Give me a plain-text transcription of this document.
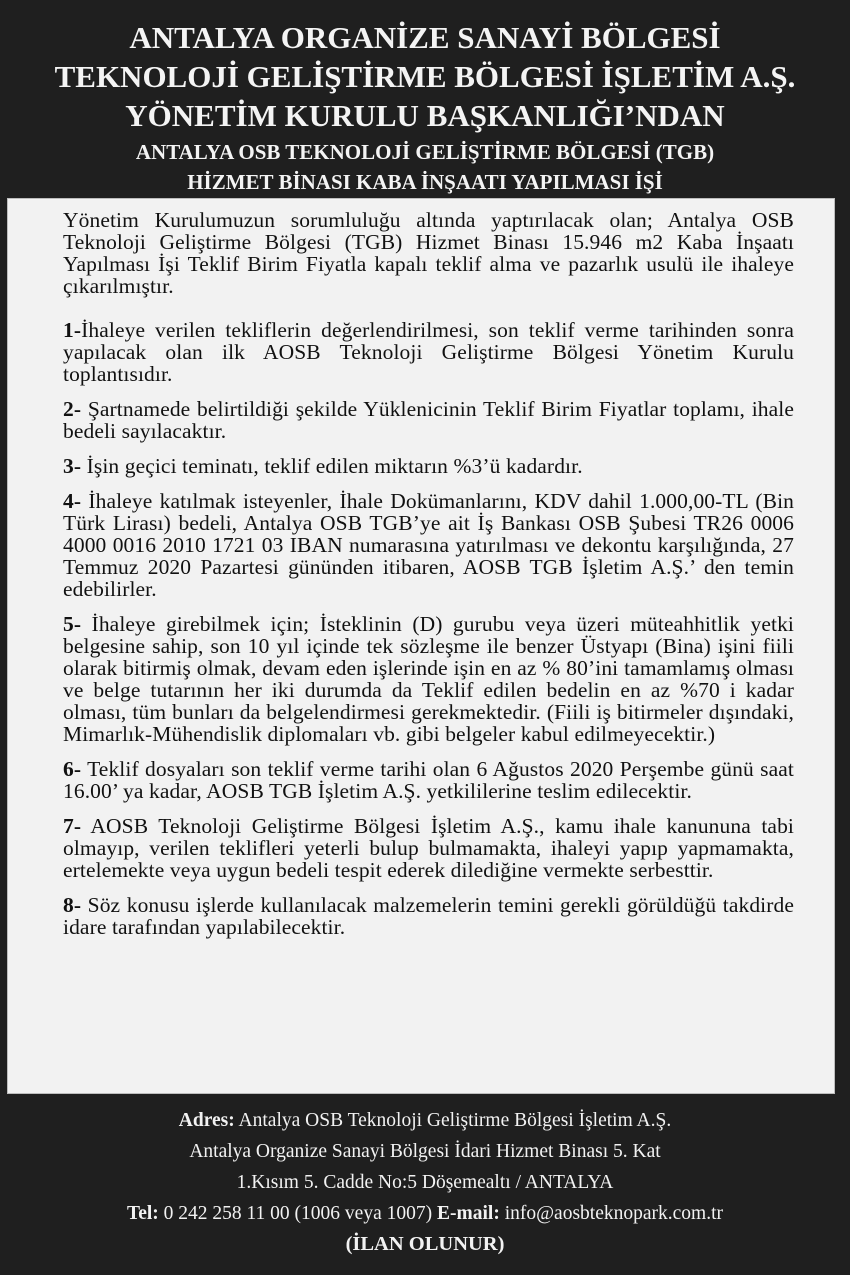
ANTALYA ORGANİZE SANAYİ BÖLGESİ
TEKNOLOJİ GELİŞTİRME BÖLGESİ İŞLETİM A.Ş.
YÖNETİM KURULU BAŞKANLIĞI’NDAN
ANTALYA OSB TEKNOLOJİ GELİŞTİRME BÖLGESİ (TGB)
HİZMET BİNASI KABA İNŞAATI YAPILMASI İŞİ

Yönetim Kurulumuzun sorumluluğu altında yaptırılacak olan; Antalya OSB Teknoloji Geliştirme Bölgesi (TGB) Hizmet Binası 15.946 m2 Kaba İnşaatı Yapılması İşi Teklif Birim Fiyatla kapalı teklif alma ve pazarlık usulü ile ihaleye çıkarılmıştır.

1-İhaleye verilen tekliflerin değerlendirilmesi, son teklif verme tarihinden sonra yapılacak olan ilk AOSB Teknoloji Geliştirme Bölgesi Yönetim Kurulu toplantısıdır.

2- Şartnamede belirtildiği şekilde Yüklenicinin Teklif Birim Fiyatlar toplamı, ihale bedeli sayılacaktır.

3- İşin geçici teminatı, teklif edilen miktarın %3’ü kadardır.

4- İhaleye katılmak isteyenler, İhale Dokümanlarını, KDV dahil 1.000,00-TL (Bin Türk Lirası) bedeli, Antalya OSB TGB’ye ait İş Bankası OSB Şubesi TR26 0006 4000 0016 2010 1721 03 IBAN numarasına yatırılması ve dekontu karşılığında, 27 Temmuz 2020 Pazartesi gününden itibaren, AOSB TGB İşletim A.Ş.’ den temin edebilirler.

5- İhaleye girebilmek için; İsteklinin (D) gurubu veya üzeri müteahhitlik yetki belgesine sahip, son 10 yıl içinde tek sözleşme ile benzer Üstyapı (Bina) işini fiili olarak bitirmiş olmak, devam eden işlerinde işin en az % 80’ini tamamlamış olması ve belge tutarının her iki durumda da Teklif edilen bedelin en az %70 i kadar olması, tüm bunları da belgelendirmesi gerekmektedir. (Fiili iş bitirmeler dışındaki, Mimarlık-Mühendislik diplomaları vb. gibi belgeler kabul edilmeyecektir.)

6- Teklif dosyaları son teklif verme tarihi olan 6 Ağustos 2020 Perşembe günü saat 16.00’ ya kadar, AOSB TGB İşletim A.Ş. yetkililerine teslim edilecektir.

7- AOSB Teknoloji Geliştirme Bölgesi İşletim A.Ş., kamu ihale kanununa tabi olmayıp, verilen teklifleri yeterli bulup bulmamakta, ihaleyi yapıp yapmamakta, ertelemekte veya uygun bedeli tespit ederek dilediğine vermekte serbesttir.

8- Söz konusu işlerde kullanılacak malzemelerin temini gerekli görüldüğü takdirde idare tarafından yapılabilecektir.

Adres: Antalya OSB Teknoloji Geliştirme Bölgesi İşletim A.Ş.
Antalya Organize Sanayi Bölgesi İdari Hizmet Binası 5. Kat
1.Kısım 5. Cadde No:5 Döşemealtı / ANTALYA
Tel: 0 242 258 11 00 (1006 veya 1007) E-mail: info@aosbteknopark.com.tr
(İLAN OLUNUR)
